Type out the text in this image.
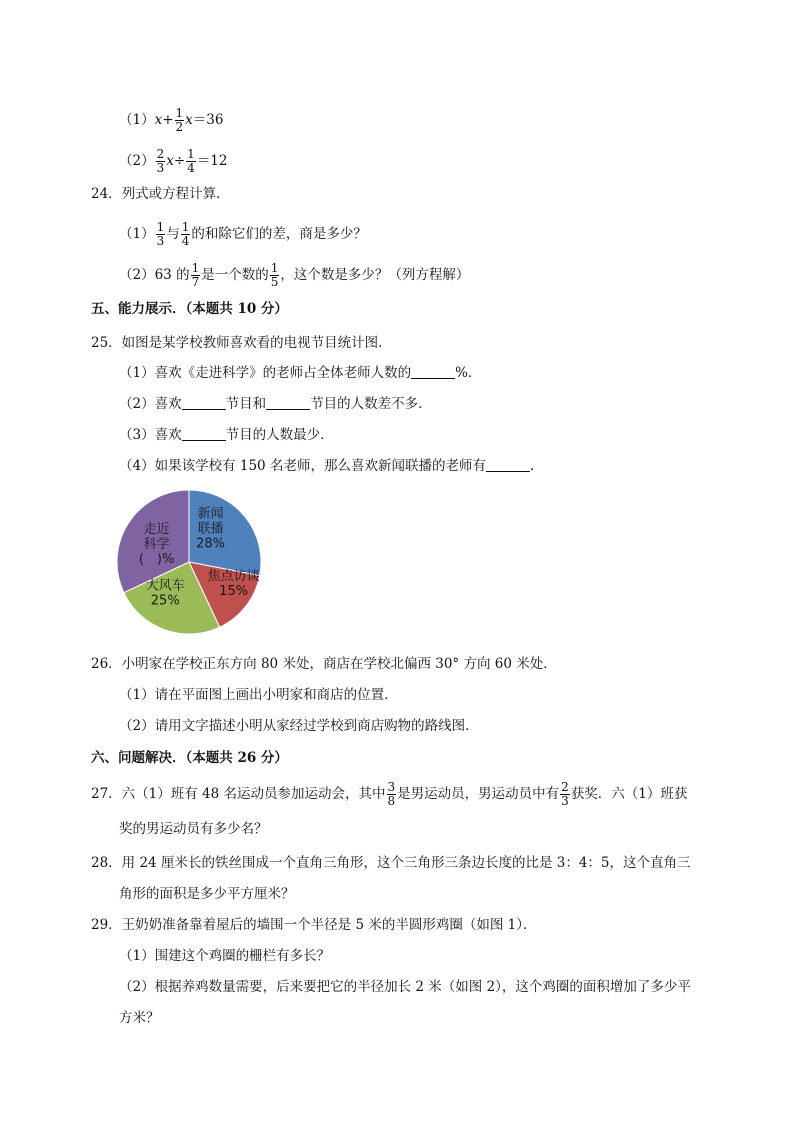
$(1)x+ \frac{1}{2} x=36$
$(2) \frac{2}{3} x\div \frac{1}{4} =12$
24．列式或方程计算．
$(1) \frac{1}{3}$ 与 $\frac{1}{4}$ 的和除它们的差，商是多少？
（2）63 的 $\frac{1}{7}$ 是一个数的 $\frac{1}{5}$ ，这个数是多少？（列方程解）
五、能力展示．（本题共 10 分）
25．如图是某学校教师喜欢看的电视节目统计图．
（1）喜欢《走进科学》的老师占全体老师人数的	%．
（2）喜欢	节目和	节目的人数差不多．
（3）喜欢	节目的人数最少．
（4）如果该学校有 150 名老师，那么喜欢新闻联播的老师有	．
新闻
联播
28%
焦点访谈
15%
大风车
25%
走近
科学
(　)%
26．小明家在学校正东方向 80 米处，商店在学校北偏西 30° 方向 60 米处．
（1）请在平面图上画出小明家和商店的位置．
（2）请用文字描述小明从家经过学校到商店购物的路线图．
六、问题解决．（本题共 26 分）
27．六（1）班有 48 名运动员参加运动会，其中 $\frac{3}{8}$ 是男运动员，男运动员中有 $\frac{2}{3}$ 获奖．六（1）班获
奖的男运动员有多少名？
28．用 24 厘米长的铁丝围成一个直角三角形，这个三角形三条边长度的比是 3：4：5，这个直角三
角形的面积是多少平方厘米？
29．王奶奶准备靠着屋后的墙围一个半径是 5 米的半圆形鸡圈（如图 1）．
（1）围建这个鸡圈的栅栏有多长？
（2）根据养鸡数量需要，后来要把它的半径加长 2 米（如图 2），这个鸡圈的面积增加了多少平
方米？
